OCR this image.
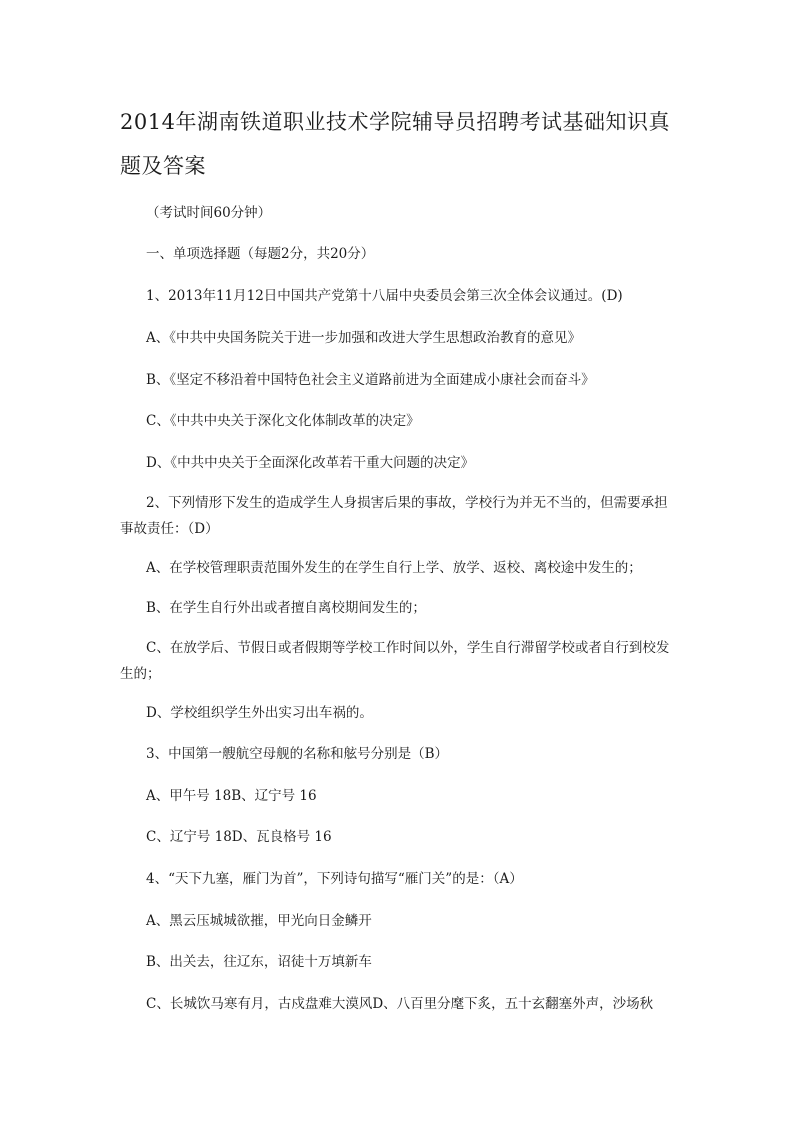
2014年湖南铁道职业技术学院辅导员招聘考试基础知识真题及答案

（考试时间60分钟）

一、单项选择题（每题2分，共20分）

1、2013年11月12日中国共产党第十八届中央委员会第三次全体会议通过。(D)

A、《中共中央国务院关于进一步加强和改进大学生思想政治教育的意见》

B、《坚定不移沿着中国特色社会主义道路前进为全面建成小康社会而奋斗》

C、《中共中央关于深化文化体制改革的决定》

D、《中共中央关于全面深化改革若干重大问题的决定》

2、下列情形下发生的造成学生人身损害后果的事故，学校行为并无不当的，但需要承担事故责任：（D）

A、在学校管理职责范围外发生的在学生自行上学、放学、返校、离校途中发生的；

B、在学生自行外出或者擅自离校期间发生的；

C、在放学后、节假日或者假期等学校工作时间以外，学生自行滞留学校或者自行到校发生的；

D、学校组织学生外出实习出车祸的。

3、中国第一艘航空母舰的名称和舷号分别是（B）

A、甲午号 18B、辽宁号 16

C、辽宁号 18D、瓦良格号 16

4、“天下九塞，雁门为首”，下列诗句描写“雁门关”的是：（A）

A、黑云压城城欲摧，甲光向日金鳞开

B、出关去，往辽东，诏徒十万填新车

C、长城饮马寒有月，古戍盘难大漠风D、八百里分麾下炙，五十玄翻塞外声，沙场秋
